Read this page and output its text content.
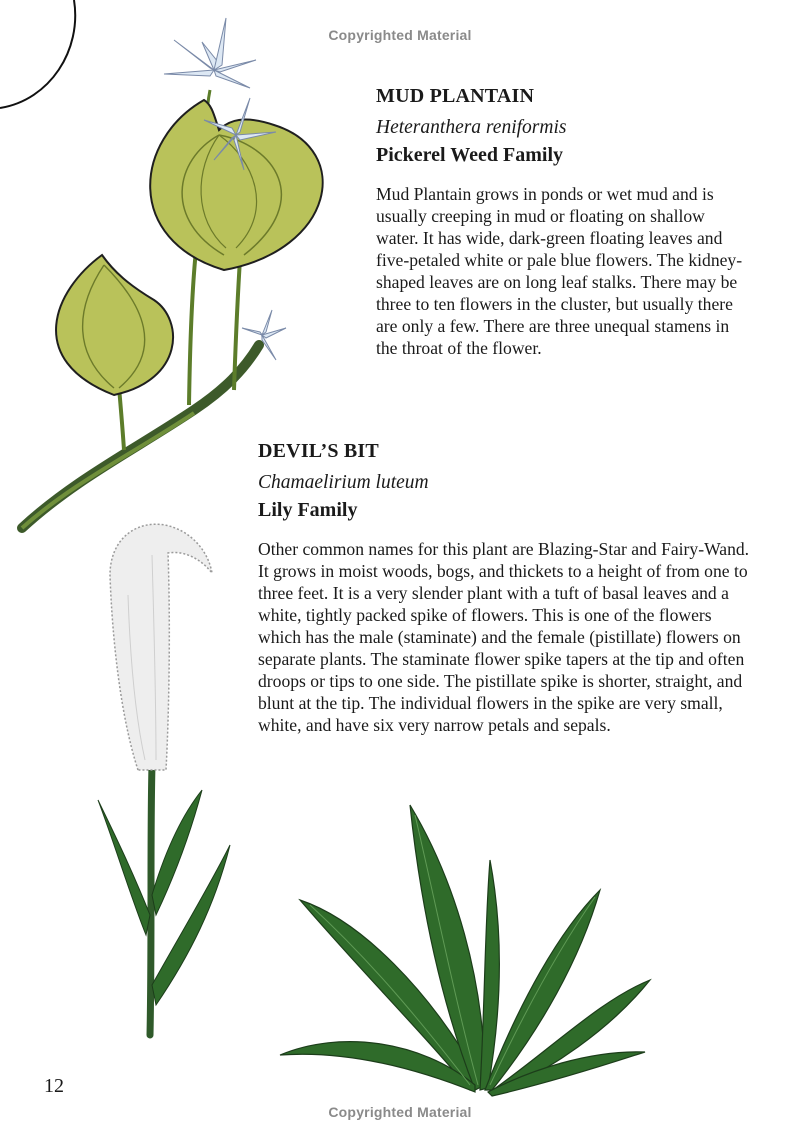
Copyrighted Material
MUD PLANTAIN
Heteranthera reniformis
Pickerel Weed Family

Mud Plantain grows in ponds or wet mud and is usually creeping in mud or floating on shallow water. It has wide, dark-green floating leaves and five-petaled white or pale blue flowers. The kidney-shaped leaves are on long leaf stalks. There may be three to ten flowers in the cluster, but usually there are only a few. There are three unequal stamens in the throat of the flower.

DEVIL’S BIT
Chamaelirium luteum
Lily Family

Other common names for this plant are Blazing-Star and Fairy-Wand. It grows in moist woods, bogs, and thickets to a height of from one to three feet. It is a very slender plant with a tuft of basal leaves and a white, tightly packed spike of flowers. This is one of the flowers which has the male (staminate) and the female (pistillate) flowers on separate plants. The staminate flower spike tapers at the tip and often droops or tips to one side. The pistillate spike is shorter, straight, and blunt at the tip. The individual flowers in the spike are very small, white, and have six very narrow petals and sepals.

12
Copyrighted Material
